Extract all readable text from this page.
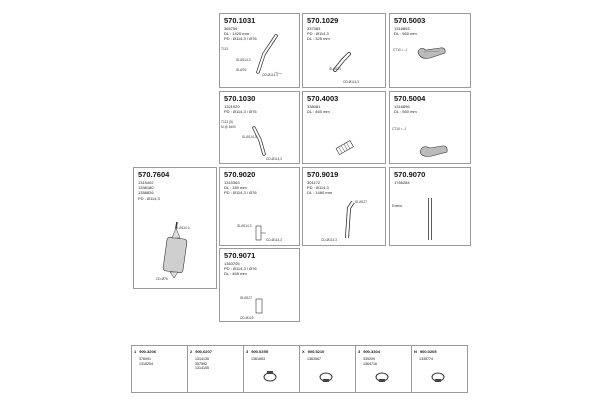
T113
ID-Ø114,3
ID-Ø76
CD-Ø114,3
570.1031
365759
DL : 1420 mm
PD : Ø114,3 / Ø76
ID-Ø121
CD-Ø114,3
570.1029
337383
PD : Ø114,3
DL : 325 mm
CT10 = .J
570.5003
1316893
DL : 560 mm
T113 (5)
M @ 5400
ID-Ø114,3
CD-Ø114,3
570.1030
1321929
PD : Ø114,3 / Ø76
570.4003
338081
DL : 460 mm
CT10 = .J
570.5004
1316896
DL : 560 mm
ID-Ø114,3
CD-Ø76
570.7604
1315402
1338180
1358826
PD : Ø114,3
ID-Ø114,3
CD-Ø114,3
570.9020
1315363
DL : 180 mm
PD : Ø114,3 / Ø76
ID-Ø127
CD-Ø114,3
570.9019
301172
PD : Ø114,3
DL : 1480 mm
Exertor
570.9070
1766284
ID-Ø127
CD-Ø125
570.9071
1363705
PD : Ø114,3 / Ø76
DL : 465 mm
1 900.3206
376091
1315204
2 900.6207
1314130
357592
1314105
3 900.0255
1361653
X 900.5210
1363067
3 900.3304
339209
1364716
N 900.0205
1335774
